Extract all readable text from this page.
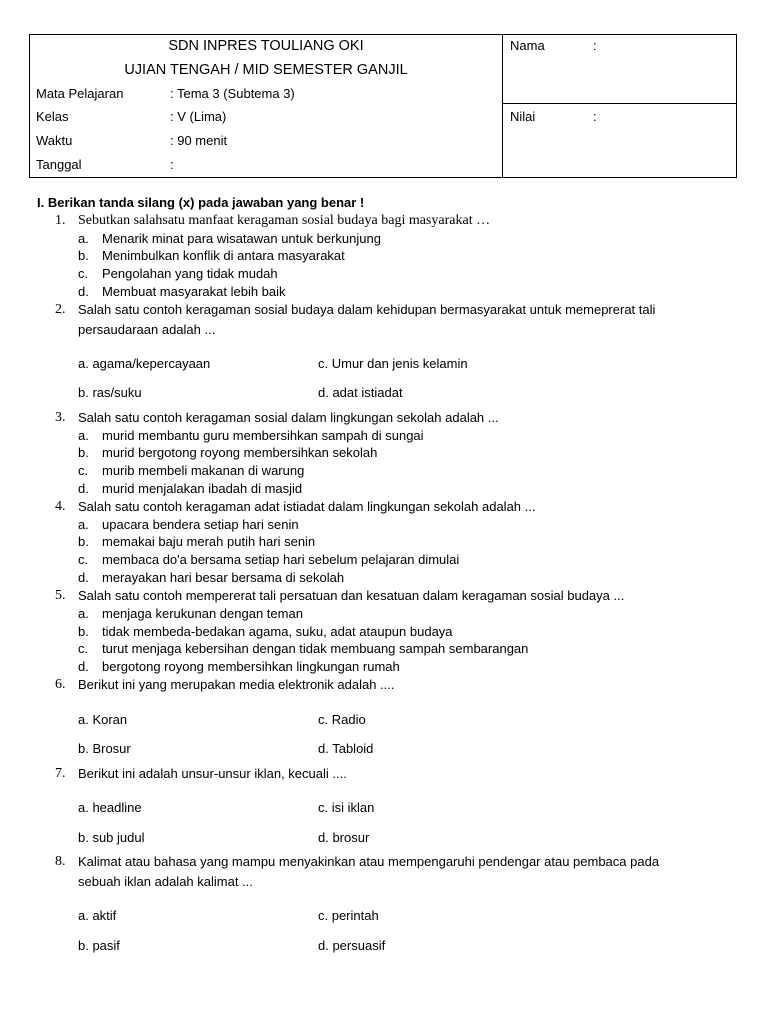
SDN INPRES TOULIANG OKI
UJIAN TENGAH / MID SEMESTER GANJIL
Mata Pelajaran	: Tema 3 (Subtema 3)
Kelas	: V (Lima)
Waktu	: 90 menit
Tanggal	:
Nama	:
Nilai	:
I. Berikan tanda silang (x) pada jawaban yang benar !
1. Sebutkan salahsatu manfaat keragaman sosial budaya bagi masyarakat …
a.	Menarik minat para wisatawan untuk berkunjung
b.	Menimbulkan konflik di antara masyarakat
c.	Pengolahan yang tidak mudah
d.	Membuat masyarakat lebih baik
2. Salah satu contoh keragaman sosial budaya dalam kehidupan bermasyarakat untuk memeprerat tali
persaudaraan adalah ...
a. agama/kepercayaan	c. Umur dan jenis kelamin
b. ras/suku	d. adat istiadat
3. Salah satu contoh keragaman sosial dalam lingkungan sekolah adalah ...
a.	murid membantu guru membersihkan sampah di sungai
b.	murid bergotong royong membersihkan sekolah
c.	murib membeli makanan di warung
d.	murid menjalakan ibadah di masjid
4. Salah satu contoh keragaman adat istiadat dalam lingkungan sekolah adalah ...
a.	upacara bendera setiap hari senin
b.	memakai baju merah putih hari senin
c.	membaca do'a bersama setiap hari sebelum pelajaran dimulai
d.	merayakan hari besar bersama di sekolah
5. Salah satu contoh mempererat tali persatuan dan kesatuan dalam keragaman sosial budaya ...
a.	menjaga kerukunan dengan teman
b.	tidak membeda-bedakan agama, suku, adat ataupun budaya
c.	turut menjaga kebersihan dengan tidak membuang sampah sembarangan
d.	bergotong royong membersihkan lingkungan rumah
6. Berikut ini yang merupakan media elektronik adalah ....
a. Koran	c. Radio
b. Brosur	d. Tabloid
7. Berikut ini adalah unsur-unsur iklan, kecuali ....
a. headline	c. isi iklan
b. sub judul	d. brosur
8. Kalimat atau bahasa yang mampu menyakinkan atau mempengaruhi pendengar atau pembaca pada
sebuah iklan adalah kalimat ...
a. aktif	c. perintah
b. pasif	d. persuasif
